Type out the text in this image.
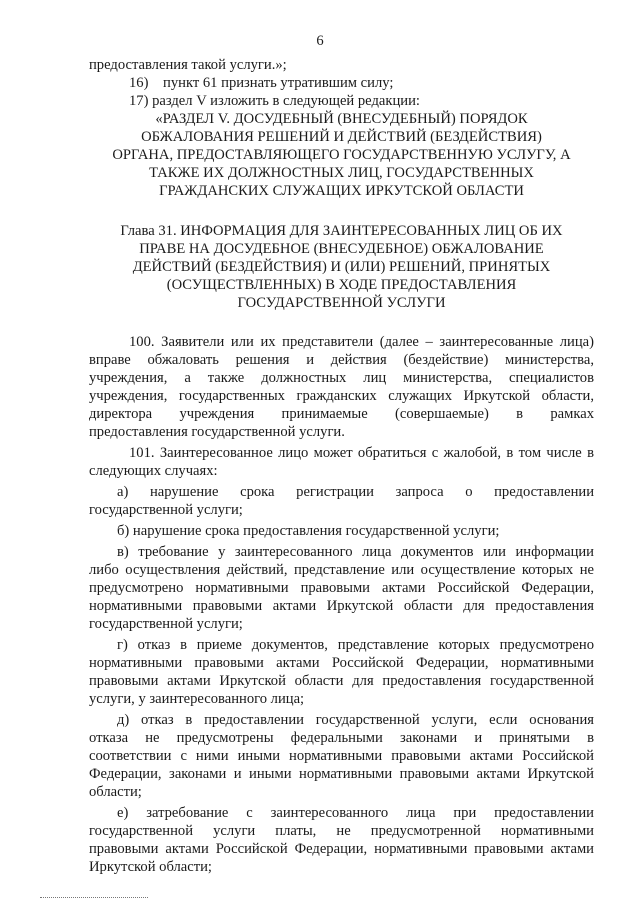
6
предоставления такой услуги.»;
16)    пункт 61 признать утратившим силу;
17) раздел V изложить в следующей редакции:
«РАЗДЕЛ V. ДОСУДЕБНЫЙ (ВНЕСУДЕБНЫЙ) ПОРЯДОК
ОБЖАЛОВАНИЯ РЕШЕНИЙ И ДЕЙСТВИЙ (БЕЗДЕЙСТВИЯ)
ОРГАНА, ПРЕДОСТАВЛЯЮЩЕГО ГОСУДАРСТВЕННУЮ УСЛУГУ, А
ТАКЖЕ ИХ ДОЛЖНОСТНЫХ ЛИЦ, ГОСУДАРСТВЕННЫХ
ГРАЖДАНСКИХ СЛУЖАЩИХ ИРКУТСКОЙ ОБЛАСТИ
Глава 31. ИНФОРМАЦИЯ ДЛЯ ЗАИНТЕРЕСОВАННЫХ ЛИЦ ОБ ИХ
ПРАВЕ НА ДОСУДЕБНОЕ (ВНЕСУДЕБНОЕ) ОБЖАЛОВАНИЕ
ДЕЙСТВИЙ (БЕЗДЕЙСТВИЯ) И (ИЛИ) РЕШЕНИЙ, ПРИНЯТЫХ
(ОСУЩЕСТВЛЕННЫХ) В ХОДЕ ПРЕДОСТАВЛЕНИЯ
ГОСУДАРСТВЕННОЙ УСЛУГИ
100. Заявители или их представители (далее – заинтересованные лица)
вправе обжаловать решения и действия (бездействие) министерства,
учреждения, а также должностных лиц министерства, специалистов
учреждения, государственных гражданских служащих Иркутской области,
директора учреждения принимаемые (совершаемые) в рамках
предоставления государственной услуги.
101. Заинтересованное лицо может обратиться с жалобой, в том числе в
следующих случаях:
а) нарушение срока регистрации запроса о предоставлении
государственной услуги;
б) нарушение срока предоставления государственной услуги;
в) требование у заинтересованного лица документов или информации
либо осуществления действий, представление или осуществление которых не
предусмотрено нормативными правовыми актами Российской Федерации,
нормативными правовыми актами Иркутской области для предоставления
государственной услуги;
г) отказ в приеме документов, представление которых предусмотрено
нормативными правовыми актами Российской Федерации, нормативными
правовыми актами Иркутской области для предоставления государственной
услуги, у заинтересованного лица;
д) отказ в предоставлении государственной услуги, если основания
отказа не предусмотрены федеральными законами и принятыми в
соответствии с ними иными нормативными правовыми актами Российской
Федерации, законами и иными нормативными правовыми актами Иркутской
области;
е) затребование с заинтересованного лица при предоставлении
государственной услуги платы, не предусмотренной нормативными
правовыми актами Российской Федерации, нормативными правовыми актами
Иркутской области;
